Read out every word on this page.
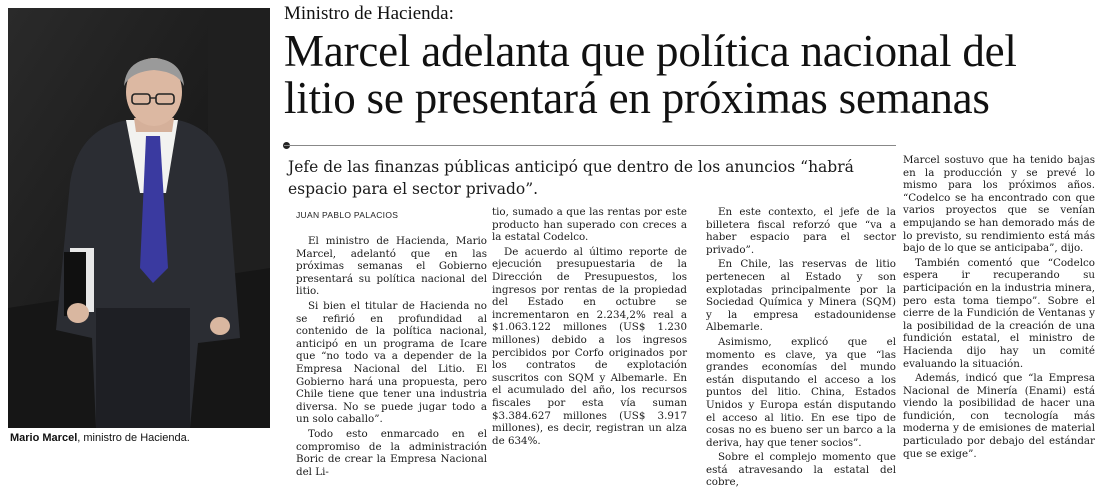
Mario Marcel, ministro de Hacienda.
Ministro de Hacienda:
Marcel adelanta que política nacional del litio se presentará en próximas semanas
Jefe de las finanzas públicas anticipó que dentro de los anuncios “habrá espacio para el sector privado”.
JUAN PABLO PALACIOS

El ministro de Hacienda, Mario Marcel, adelantó que en las próximas semanas el Gobierno presentará su política nacional del litio.

Si bien el titular de Hacienda no se refirió en profundidad al contenido de la política nacional, anticipó en un programa de Icare que “no todo va a depender de la Empresa Nacional del Litio. El Gobierno hará una propuesta, pero Chile tiene que tener una industria diversa. No se puede jugar todo a un solo caballo”.

Todo esto enmarcado en el compromiso de la administración Boric de crear la Empresa Nacional del Li-

tio, sumado a que las rentas por este producto han superado con creces a la estatal Codelco.

De acuerdo al último reporte de ejecución presupuestaria de la Dirección de Presupuestos, los ingresos por rentas de la propiedad del Estado en octubre se incrementaron en 2.234,2% real a $1.063.122 millones (US$ 1.230 millones) debido a los ingresos percibidos por Corfo originados por los contratos de explotación suscritos con SQM y Albemarle. En el acumulado del año, los recursos fiscales por esta vía suman $3.384.627 millones (US$ 3.917 millones), es decir, registran un alza de 634%.

En este contexto, el jefe de la billetera fiscal reforzó que “va a haber espacio para el sector privado”.

En Chile, las reservas de litio pertenecen al Estado y son explotadas principalmente por la Sociedad Química y Minera (SQM) y la empresa estadounidense Albemarle.

Asimismo, explicó que el momento es clave, ya que “las grandes economías del mundo están disputando el acceso a los puntos del litio. China, Estados Unidos y Europa están disputando el acceso al litio. En ese tipo de cosas no es bueno ser un barco a la deriva, hay que tener socios”.

Sobre el complejo momento que está atravesando la estatal del cobre,

Marcel sostuvo que ha tenido bajas en la producción y se prevé lo mismo para los próximos años. “Codelco se ha encontrado con que varios proyectos que se venían empujando se han demorado más de lo previsto, su rendimiento está más bajo de lo que se anticipaba”, dijo.

También comentó que “Codelco espera ir recuperando su participación en la industria minera, pero esta toma tiempo”. Sobre el cierre de la Fundición de Ventanas y la posibilidad de la creación de una fundición estatal, el ministro de Hacienda dijo hay un comité evaluando la situación.

Además, indicó que “la Empresa Nacional de Minería (Enami) está viendo la posibilidad de hacer una fundición, con tecnología más moderna y de emisiones de material particulado por debajo del estándar que se exige”.
